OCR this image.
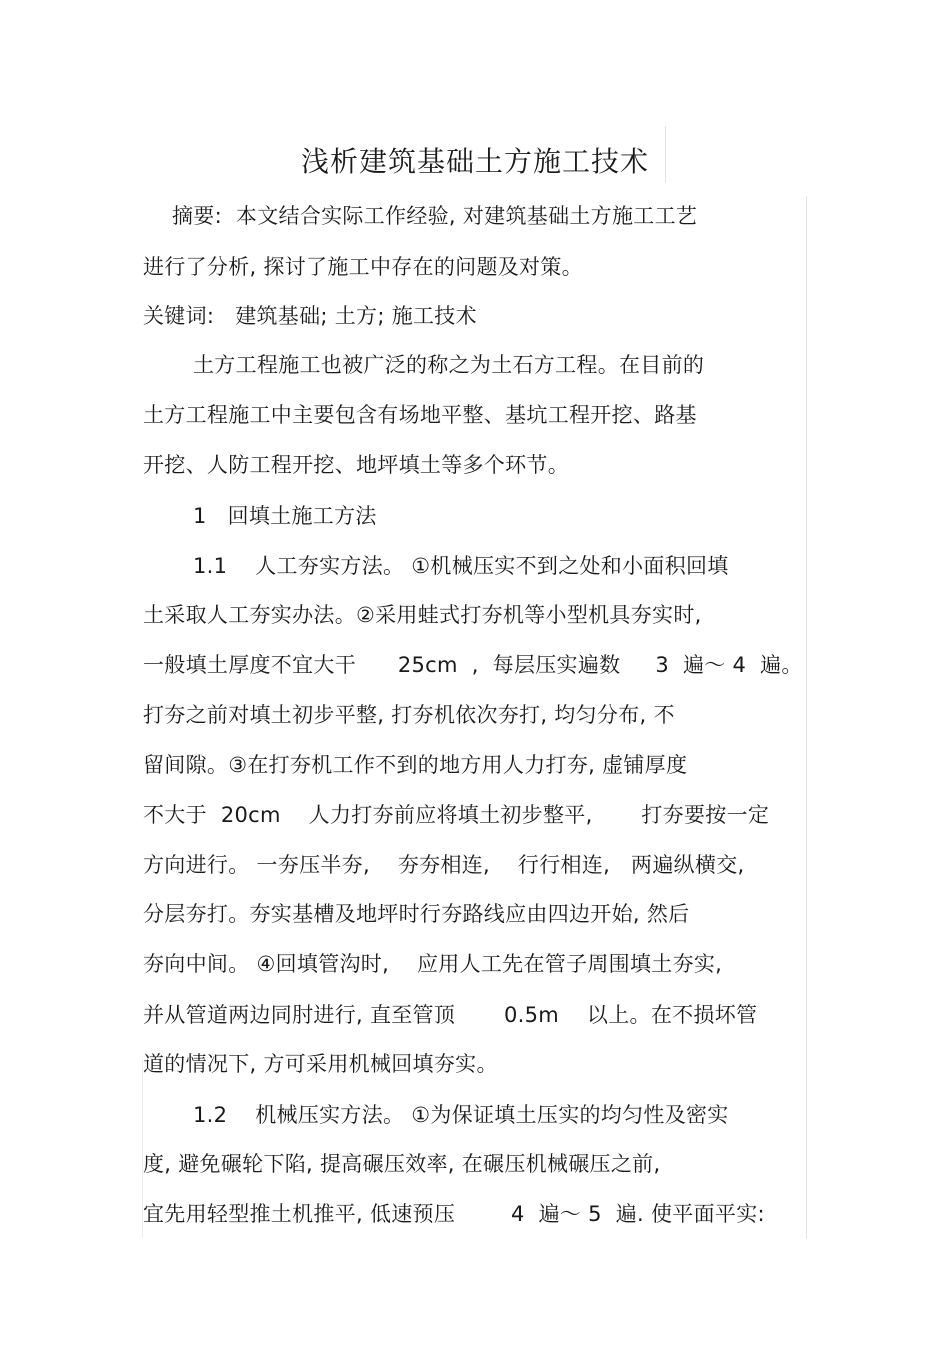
浅析建筑基础土方施工技术
摘要:  本文结合实际工作经验, 对建筑基础土方施工工艺
进行了分析, 探讨了施工中存在的问题及对策。
关键词:   建筑基础; 土方; 施工技术
土方工程施工也被广泛的称之为土石方工程。在目前的
土方工程施工中主要包含有场地平整、基坑工程开挖、路基
开挖、人防工程开挖、地坪填土等多个环节。
1   回填土施工方法
1.1    人工夯实方法。 ①机械压实不到之处和小面积回填
土采取人工夯实办法。②采用蛙式打夯机等小型机具夯实时,
一般填土厚度不宜大干      25cm  ,  每层压实遍数     3  遍～ 4  遍。
打夯之前对填土初步平整, 打夯机依次夯打, 均匀分布, 不
留间隙。③在打夯机工作不到的地方用人力打夯, 虚铺厚度
不大于  20cm    人力打夯前应将填土初步整平,       打夯要按一定
方向进行。 一夯压半夯,    夯夯相连,    行行相连,   两遍纵横交,
分层夯打。夯实基槽及地坪时行夯路线应由四边开始, 然后
夯向中间。 ④回填管沟时,    应用人工先在管子周围填土夯实,
并从管道两边同肘进行, 直至管顶       0.5m    以上。在不损坏管
道的情况下, 方可采用机械回填夯实。
1.2    机械压实方法。 ①为保证填土压实的均匀性及密实
度, 避免碾轮下陷, 提高碾压效率, 在碾压机械碾压之前,
宜先用轻型推土机推平, 低速预压        4  遍～ 5  遍. 使平面平实:
